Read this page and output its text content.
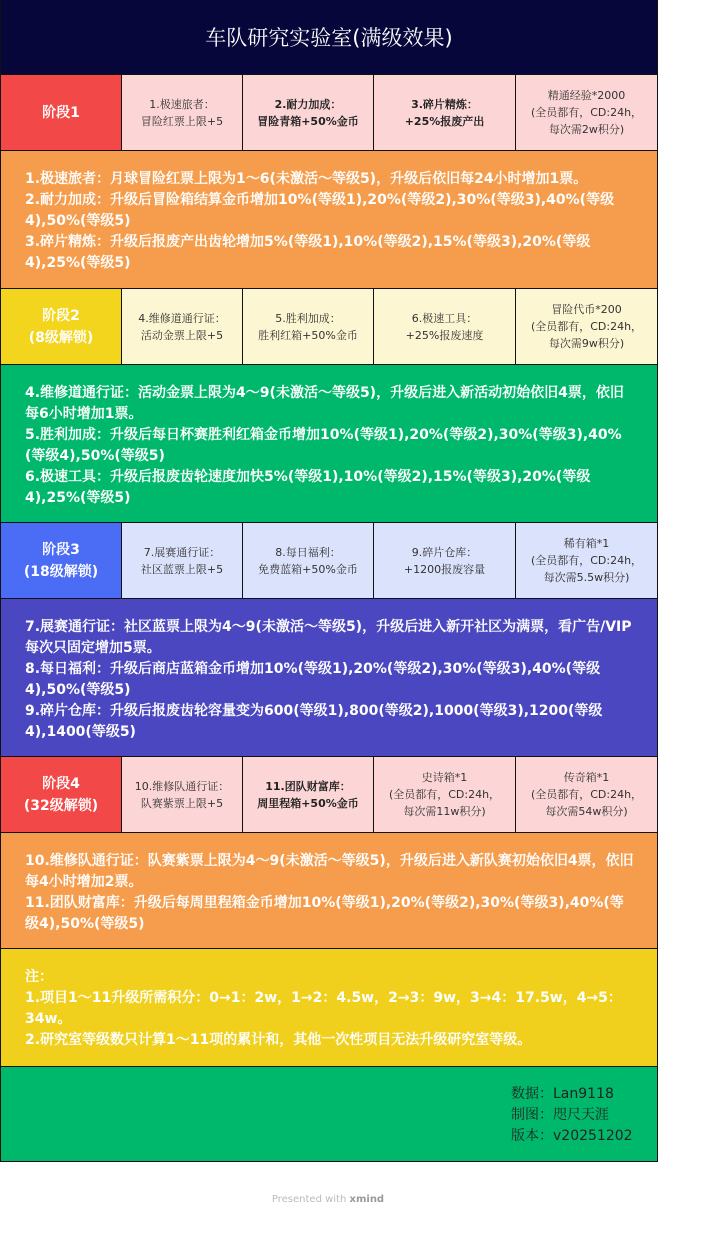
车队研究实验室(满级效果)
阶段1
1.极速旅者：
冒险红票上限+5
2.耐力加成：
冒险青箱+50%金币
3.碎片精炼：
+25%报废产出
精通经验*2000
(全员都有，CD:24h，
每次需2w积分)

1.极速旅者：月球冒险红票上限为1～6(未激活～等级5)，升级后依旧每24小时增加1票。

2.耐力加成：升级后冒险箱结算金币增加10%(等级1),20%(等级2),30%(等级3),40%(等级4),50%(等级5)

3.碎片精炼：升级后报废产出齿轮增加5%(等级1),10%(等级2),15%(等级3),20%(等级4),25%(等级5)

阶段2
(8级解锁)
4.维修道通行证：
活动金票上限+5
5.胜利加成：
胜利红箱+50%金币
6.极速工具：
+25%报废速度
冒险代币*200
(全员都有，CD:24h，
每次需9w积分)

4.维修道通行证：活动金票上限为4～9(未激活～等级5)，升级后进入新活动初始依旧4票，依旧每6小时增加1票。

5.胜利加成：升级后每日杯赛胜利红箱金币增加10%(等级1),20%(等级2),30%(等级3),40%(等级4),50%(等级5)

6.极速工具：升级后报废齿轮速度加快5%(等级1),10%(等级2),15%(等级3),20%(等级4),25%(等级5)

阶段3
(18级解锁)
7.展赛通行证：
社区蓝票上限+5
8.每日福利：
免费蓝箱+50%金币
9.碎片仓库：
+1200报废容量
稀有箱*1
(全员都有，CD:24h，
每次需5.5w积分)

7.展赛通行证：社区蓝票上限为4～9(未激活～等级5)，升级后进入新开社区为满票，看广告/VIP每次只固定增加5票。

8.每日福利：升级后商店蓝箱金币增加10%(等级1),20%(等级2),30%(等级3),40%(等级4),50%(等级5)

9.碎片仓库：升级后报废齿轮容量变为600(等级1),800(等级2),1000(等级3),1200(等级4),1400(等级5)

阶段4
(32级解锁)
10.维修队通行证：
队赛紫票上限+5
11.团队财富库：
周里程箱+50%金币
史诗箱*1
(全员都有，CD:24h，
每次需11w积分)
传奇箱*1
(全员都有，CD:24h，
每次需54w积分)

10.维修队通行证：队赛紫票上限为4～9(未激活～等级5)，升级后进入新队赛初始依旧4票，依旧每4小时增加2票。

11.团队财富库：升级后每周里程箱金币增加10%(等级1),20%(等级2),30%(等级3),40%(等级4),50%(等级5)

注：

1.项目1～11升级所需积分：0→1：2w，1→2：4.5w，2→3：9w，3→4：17.5w，4→5：34w。

2.研究室等级数只计算1～11项的累计和，其他一次性项目无法升级研究室等级。

数据：Lan9118
制图：咫尺天涯
版本：v20251202
Presented with xmind
